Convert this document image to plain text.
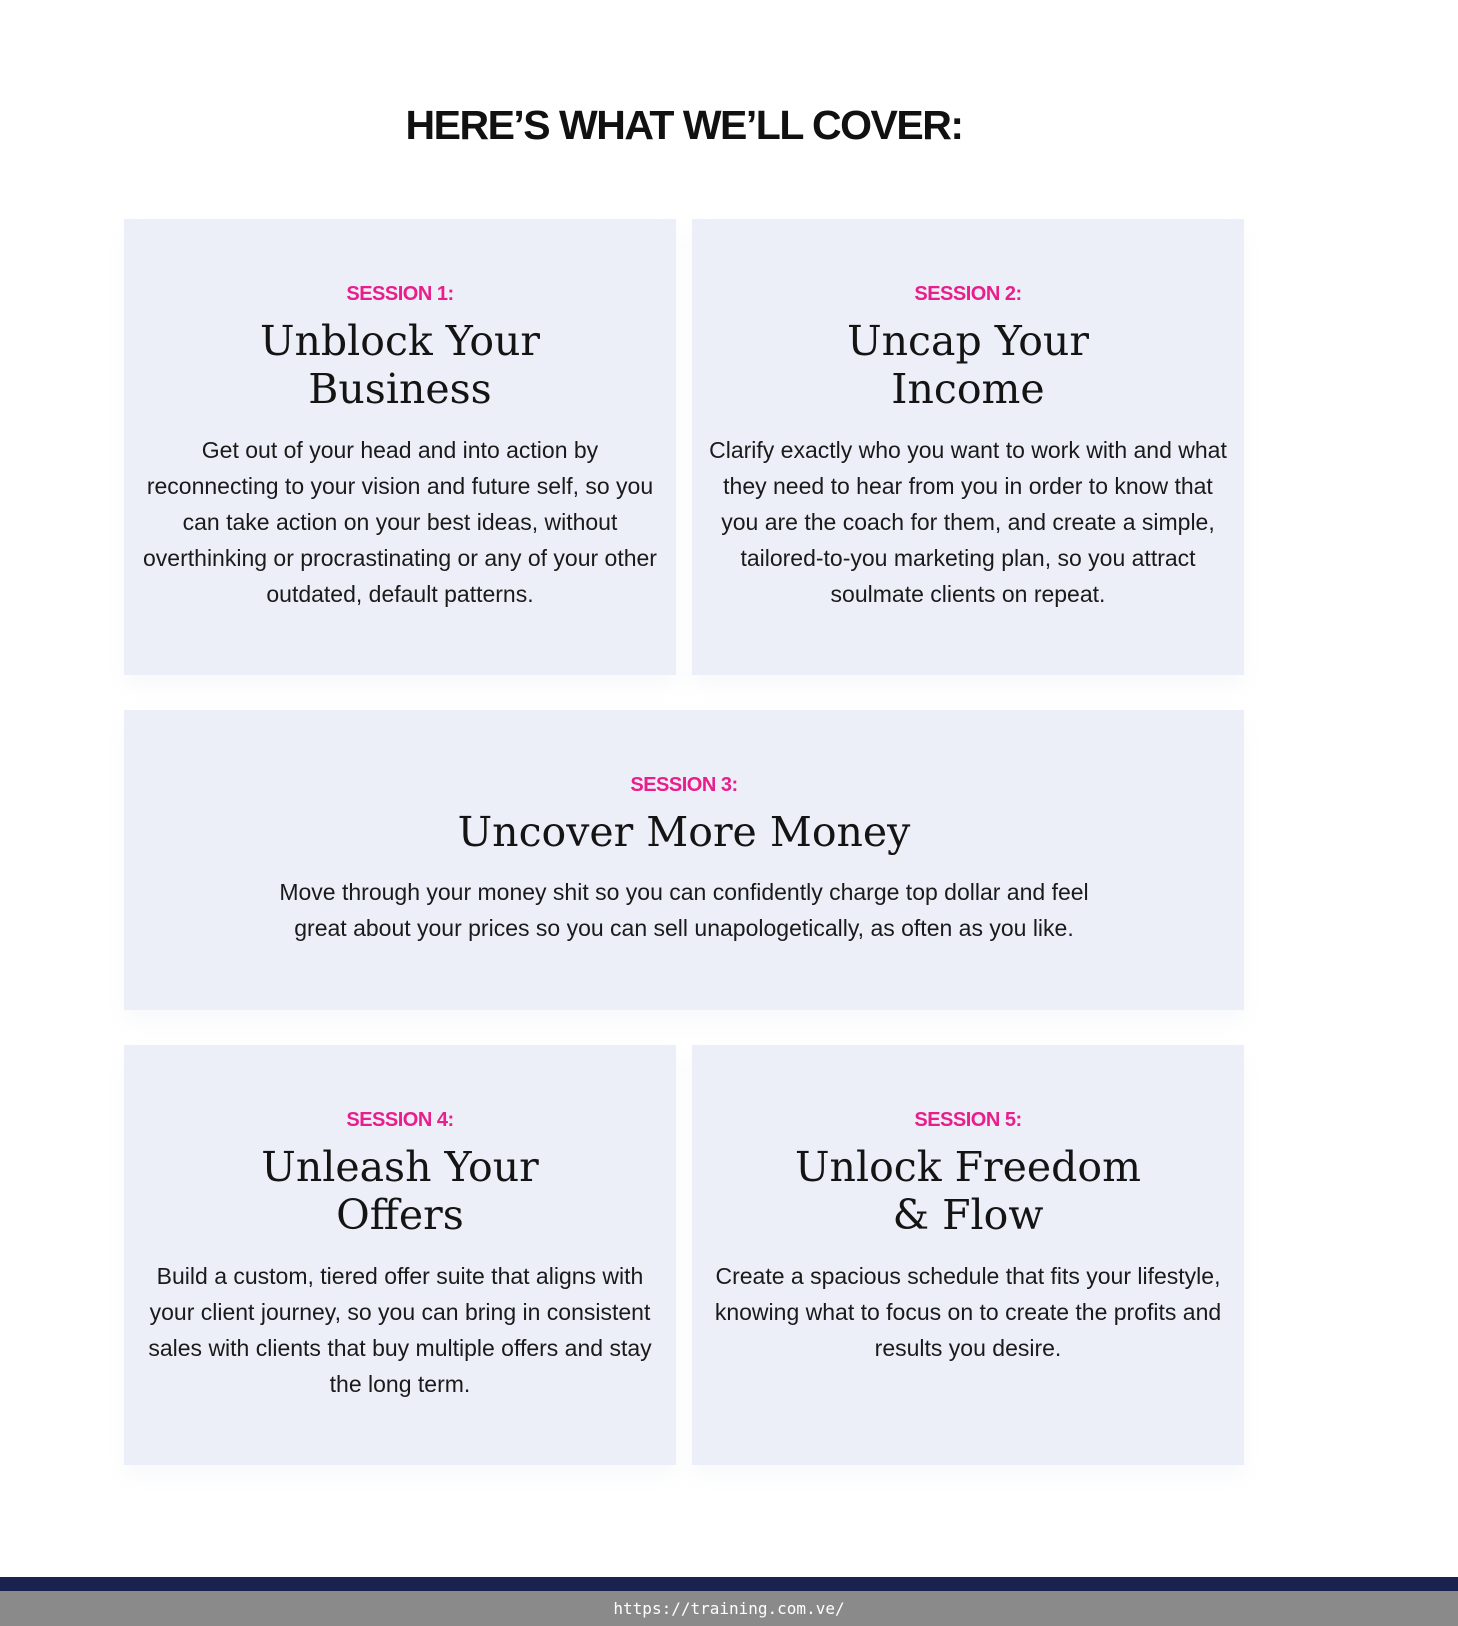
HERE’S WHAT WE’LL COVER:
SESSION 1:
Unblock Your Business
Get out of your head and into action by reconnecting to your vision and future self, so you can take action on your best ideas, without overthinking or procrastinating or any of your other outdated, default patterns.
SESSION 2:
Uncap Your Income
Clarify exactly who you want to work with and what they need to hear from you in order to know that you are the coach for them, and create a simple, tailored-to-you marketing plan, so you attract soulmate clients on repeat.
SESSION 3:
Uncover More Money
Move through your money shit so you can confidently charge top dollar and feel great about your prices so you can sell unapologetically, as often as you like.
SESSION 4:
Unleash Your Offers
Build a custom, tiered offer suite that aligns with your client journey, so you can bring in consistent sales with clients that buy multiple offers and stay the long term.
SESSION 5:
Unlock Freedom & Flow
Create a spacious schedule that fits your lifestyle, knowing what to focus on to create the profits and results you desire.
https://training.com.ve/
